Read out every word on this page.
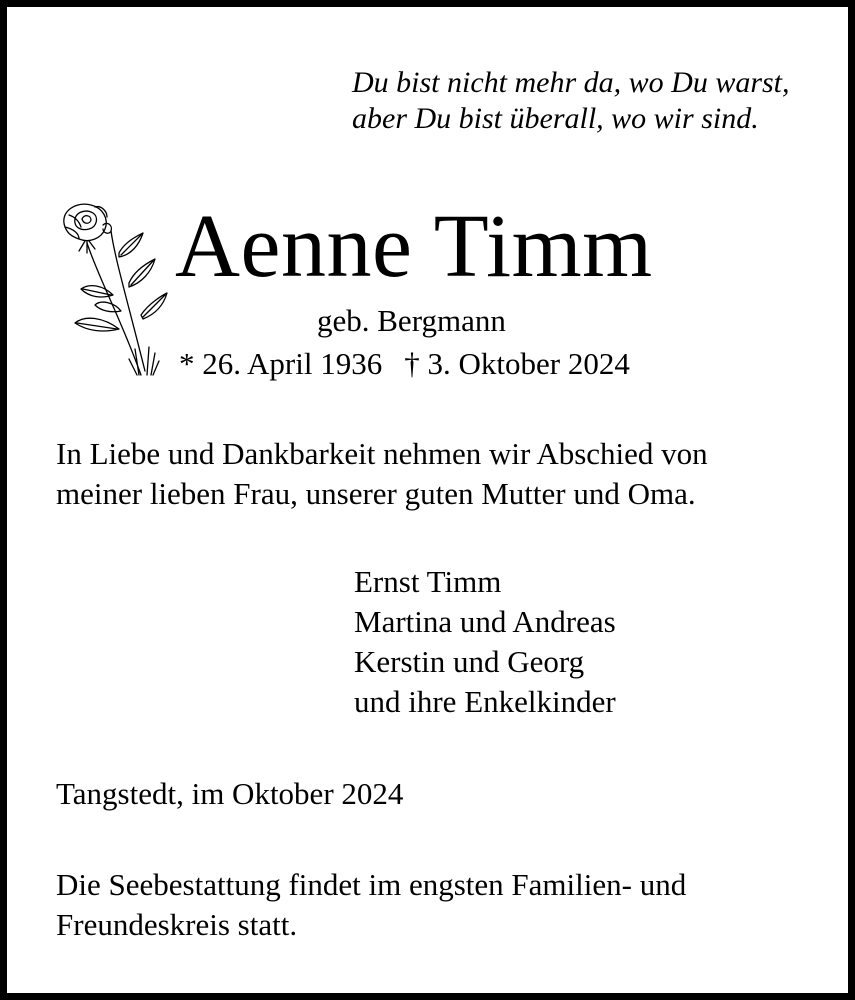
Du bist nicht mehr da, wo Du warst,
aber Du bist überall, wo wir sind.
Aenne Timm
geb. Bergmann
* 26. April 1936 † 3. Oktober 2024
In Liebe und Dankbarkeit nehmen wir Abschied von
meiner lieben Frau, unserer guten Mutter und Oma.
Ernst Timm
Martina und Andreas
Kerstin und Georg
und ihre Enkelkinder
Tangstedt, im Oktober 2024
Die Seebestattung findet im engsten Familien- und
Freundeskreis statt.
